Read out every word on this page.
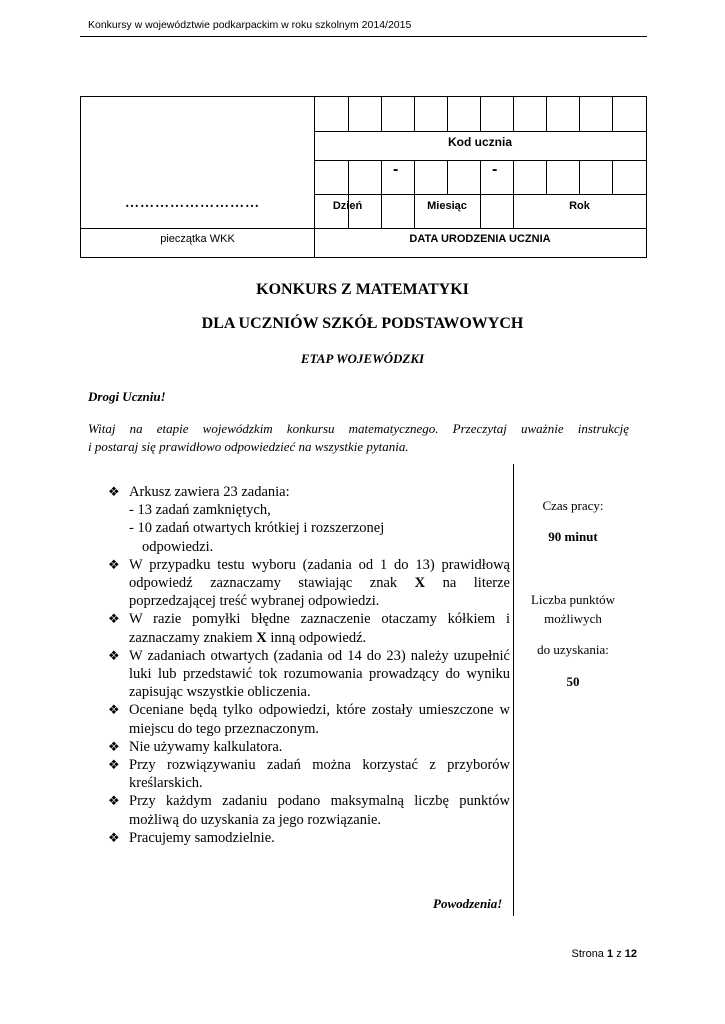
Konkursy w województwie podkarpackim w roku szkolnym 2014/2015
Kod ucznia
-	-
Dzień	Miesiąc	Rok
pieczątka WKK	DATA URODZENIA UCZNIA
………………………
KONKURS Z MATEMATYKI
DLA UCZNIÓW SZKÓŁ PODSTAWOWYCH
ETAP WOJEWÓDZKI
Drogi Uczniu!

Witaj na etapie wojewódzkim konkursu matematycznego. Przeczytaj uważnie instrukcję

i postaraj się prawidłowo odpowiedzieć na wszystkie pytania.

❖ Arkusz zawiera 23 zadania:
- 13 zadań zamkniętych,
- 10 zadań otwartych krótkiej i rozszerzonej
odpowiedzi.
❖ W przypadku testu wyboru (zadania od 1 do 13) prawidłową odpowiedź zaznaczamy stawiając znak X na literze poprzedzającej treść wybranej odpowiedzi.
❖ W razie pomyłki błędne zaznaczenie otaczamy kółkiem i zaznaczamy znakiem X inną odpowiedź.
❖ W zadaniach otwartych (zadania od 14 do 23) należy uzupełnić luki lub przedstawić tok rozumowania prowadzący do wyniku zapisując wszystkie obliczenia.
❖ Oceniane będą tylko odpowiedzi, które zostały umieszczone w miejscu do tego przeznaczonym.
❖ Nie używamy kalkulatora.
❖ Przy rozwiązywaniu zadań można korzystać z przyborów kreślarskich.
❖ Przy każdym zadaniu podano maksymalną liczbę punktów możliwą do uzyskania za jego rozwiązanie.
❖ Pracujemy samodzielnie.
Czas pracy:
90 minut
Liczba punktów
możliwych
do uzyskania:
50
Powodzenia!
Strona 1 z 12
